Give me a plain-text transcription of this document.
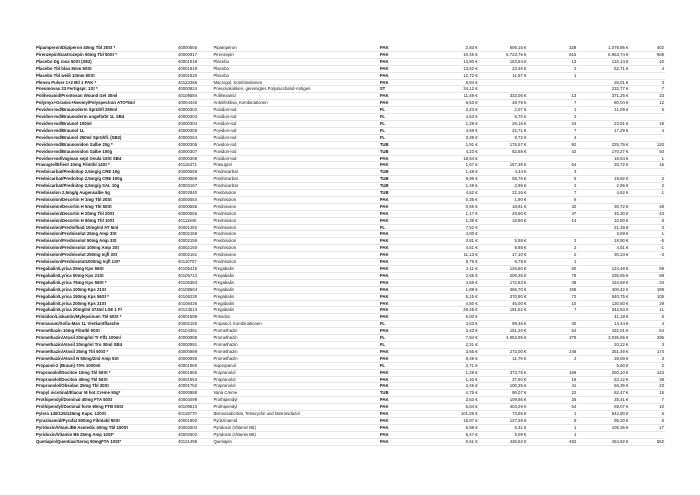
Pipamperon/Dipiperon 40mg Tbl 20St *	40000656	Pipamperon	PAK	2,83 €	606,15 €	328	1.079,86 €	402
Pirenzepin/Gastrozepin 50mg Tbl 50St *	40000917	Pirenzepin	PAK	10,45 €	5.723,76 €	615	6.963,74 €	668
Placebo Dg rosa 50St (S82)	40001918	Placebo	PAK	13,80 €	153,54 €	13	132,14 €	10
Placebo Tbl blau 8mm 50St	40001919	Placebo	PAK	13,62 €	23,46 €	2	52,71 €	4
Placebo Tbl weiß 10mm 50St	40001920	Placebo	PAK	12,72 €	11,67 €	1		
Plenvu Pulver 1+2 Btl 1 PAK *	40123366	Macrogol, Kombinationen	PAK	8,84 €			26,01 €	3
Pneumovax 23 Fertigspr. 1St *	40000924	Pneumokokken, gereinigtes Polysaccharid-Antigen	ST	34,12 €			232,77 €	7
Polihexanid/Prontosan Wound Gel 30ml	40109584	Polihexanid	PAK	11,49 €	333,06 €	13	371,25 €	33
Polymyx+Gramic+Neomy/Polyspectran ATO*5ml	40004446	Antiinfektiva, Kombinationen	PAK	6,63 €	48,78 €	7	80,04 €	12
Povidon-Iod/Braunoderm Sprühfl 250ml	40000302	Povidon-Iod	FL	2,23 €	2,07 €	1	11,09 €	5
Povidon-Iod/Braunoderm ungefärbt 1L SB4	40000303	Povidon-Iod	FL	4,63 €	6,70 €	2		
Povidon-Iod/Braunol 100ml	40000304	Povidon-Iod	FL	1,28 €	26,16 €	24	23,81 €	19
Povidon-Iod/Braunol 1L	40000305	Povidon-Iod	FL	4,68 €	22,71 €	7	17,29 €	4
Povidon-Iod/Braunol 250ml Sprühfl. (SB2)	40000264	Povidon-Iod	FL	3,35 €	9,72 €	4		
Povidon-Iod/Braunovidon Salbe 20g *	40000306	Povidon-Iod	TUB	1,91 €	175,57 €	92	225,79 €	120
Povidon-Iod/Braunovidon Salbe 100g	40000307	Povidon-Iod	TUB	4,23 €	82,59 €	42	170,27 €	50
Povidon-Iod/Vagisan sept Ovula 10St SB4	40000308	Povidon-Iod	PAK	18,54 €			18,54 €	1
Prasugrel/Efient 10mg Filmtbl 14St *	40116371	Prasugrel	PAK	1,67 €	157,36 €	64	26,72 €	16
Prednicarbat/Prednitop 2,5mg/g CRE 10g	40000568	Prednicarbat	TUB	1,48 €	4,44 €	3		
Prednicarbat/Prednitop 2,5mg/g CRE 100g	40000569	Prednicarbat	TUB	9,96 €	59,76 €	6	19,92 €	2
Prednicarbat/Prednitop 2,5mg/g SAL 10g	40003187	Prednicarbat	TUB	1,48 €	2,96 €	2	2,96 €	2
Prednisolon 2,5mg/g Augensalbe 5g	40002840	Prednisolon	TUB	4,62 €	22,16 €	7	4,62 €	1
Prednisolon/Decortin H 1mg Tbl 20St	40000554	Prednisolon	PAK	0,35 €	1,90 €	6		
Prednisolon/Decortin H 5mg Tbl 50St	40000555	Prednisolon	PAK	0,65 €	18,91 €	32	30,72 €	48
Prednisolon/Decortin H 20mg Tbl 20St	40000556	Prednisolon	PAK	1,17 €	48,90 €	47	45,30 €	43
Prednisolon/Decortin H 50mg Tbl 10St	40111940	Prednisolon	PAK	1,35 €	18,80 €	14	10,80 €	8
Prednisolon/Prednifluid 10mg/ml AT 5ml	40001282	Prednisolon	FL	7,52 €			21,49 €	3
Prednisolon/Prednisolut 25mg Amp 3St	40002158	Prednisolon	PAK	4,00 €			3,69 €	1
Prednisolon/Prednisolut 50mg Amp 3St	40002159	Prednisolon	PAK	3,81 €	5,98 €	2	18,90 €	-5
Prednisolon/Prednisolut 100mg Amp 3St	40002160	Prednisolon	PAK	4,51 €	8,88 €	2	4,51 €	-1
Prednisolon/Prednisolut 250mg Injfl 3St	40002161	Prednisolon	PAK	11,13 €	17,10 €	2	30,23 €	-3
Prednisolon/Prednisolut1000mg Injfl 1St*	40110707	Prednisolon	PAK	8,79 €	8,79 €	1		
Pregabalin/Lyrica 25mg Kps 56St	40106415	Pregabalin	PAK	2,11 €	126,60 €	60	124,49 €	59
Pregabalin/Lyrica 50mg Kps 21St	40106712	Pregabalin	PAK	2,65 €	209,35 €	79	235,85 €	89
Pregabalin/Lyrica 75mg Kps 56St *	40106383	Pregabalin	PAK	4,55 €	172,83 €	38	154,68 €	34
Pregabalin/Lyrica 100mg Kps 21St	40108504	Pregabalin	PAK	1,89 €	365,70 €	159	400,42 €	189
Pregabalin/Lyrica 150mg Kps 56St *	40106230	Pregabalin	PAK	5,15 €	370,80 €	72	540,75 €	105
Pregabalin/Lyrica 200mg Kps 21St	40108436	Pregabalin	PAK	4,50 €	45,00 €	10	130,50 €	29
Pregabalin/Lyrica 20mg/ml 473ml LSE 1 Fl	40123513	Pregabalin	PAK	29,45 €	191,52 €	7	342,84 €	11
Primidon/Liskantin/Mylepsinum Tbl 50St *	40001599	Primidon	PAK	6,00 €			41,18 €	6
Promanum/Sofia-Man 1L Vierkantflasche	40002150	Propanol, Kombinationen	FL	3,63 €	99,46 €	30	14,44 €	4
Promethazin 10mg Filmtbl 50St	40104391	Promethazin	PAK	3,43 €	151,20 €	54	182,01 €	54
Promethazin/Atosil 20mg/ml Tr Flfz 100ml	40000988	Promethazin	FL	7,84 €	4.053,95 €	379	3.035,56 €	296
Promethazin/Atosil 20mg/ml Tro 30ml SB4	40000991	Promethazin	FL	2,31 €			20,22 €	3
Promethazin/Atosil 25mg Tbl 50St *	40000989	Promethazin	PAK	3,65 €	273,00 €	246	251,49 €	174
Promethazin/Atosil N 50mg/2ml Amp 5St	40000990	Promethazin	PAK	9,49 €	11,79 €	2	28,69 €	3
Propanol-2 (Braun) 70% 1000ml	40001960	Isopropanol	FL	2,71 €			5,60 €	2
Propranolol/Dociton 10mg Tbl 50St *	40001965	Propranolol	PAK	1,29 €	373,75 €	168	260,10 €	143
Propranolol/Dociton 40mg Tbl 50St	40001963	Propranolol	PAK	1,40 €	37,60 €	19	53,12 €	38
Propranolol/Obsidan 25mg Tbl 30St	40001752	Propranolol	PAK	2,45 €	100,35 €	41	56,35 €	23
Propyl nicotinat/Elacur M hot Creme 50g*	40000988	Varia Creme	TUB	4,75 €	86,07 €	22	62,47 €	15
Prothipendyl/Dominal 40mg FTA 50St	40003499	Prothipendyl	PAK	3,63 €	109,86 €	25	25,41 €	7
Prothipendyl/Dominal forte 80mg FTB 50St	40109510	Prothipendyl	PAK	6,84 €	403,29 €	54	69,07 €	10
Pylera 140/125/125mg Kaps. 120St	40119770	Bismutsubcitrat, Tetracyclin und Metronidazol	PAK	101,59 €	73,85 €	1	542,90 €	6
Pyrazinamid/Pyrafat 500mg Filmtabl 50St	40001992	Pyrazinamid	PAK	15,87 €	127,28 €	8	95,20 €	6
Pyridoxin/Vitam./B6 Asmedic 40mg Tbl 100St	40002503	Pyridoxin (Vitamin B6)	PAK	6,98 €	6,31 €	1	105,35 €	17
Pyridoxin/Vitamin B6 25mg Amp 10St*	40002502	Pyridoxin (Vitamin B6)	PAK	5,47 €	5,09 €	1		
Quetiapin/Quentiax/Seroq 50mgFTA 10St*	40121495	Quetiapin	PAK	0,61 €	436,52 €	492	454,82 €	562
